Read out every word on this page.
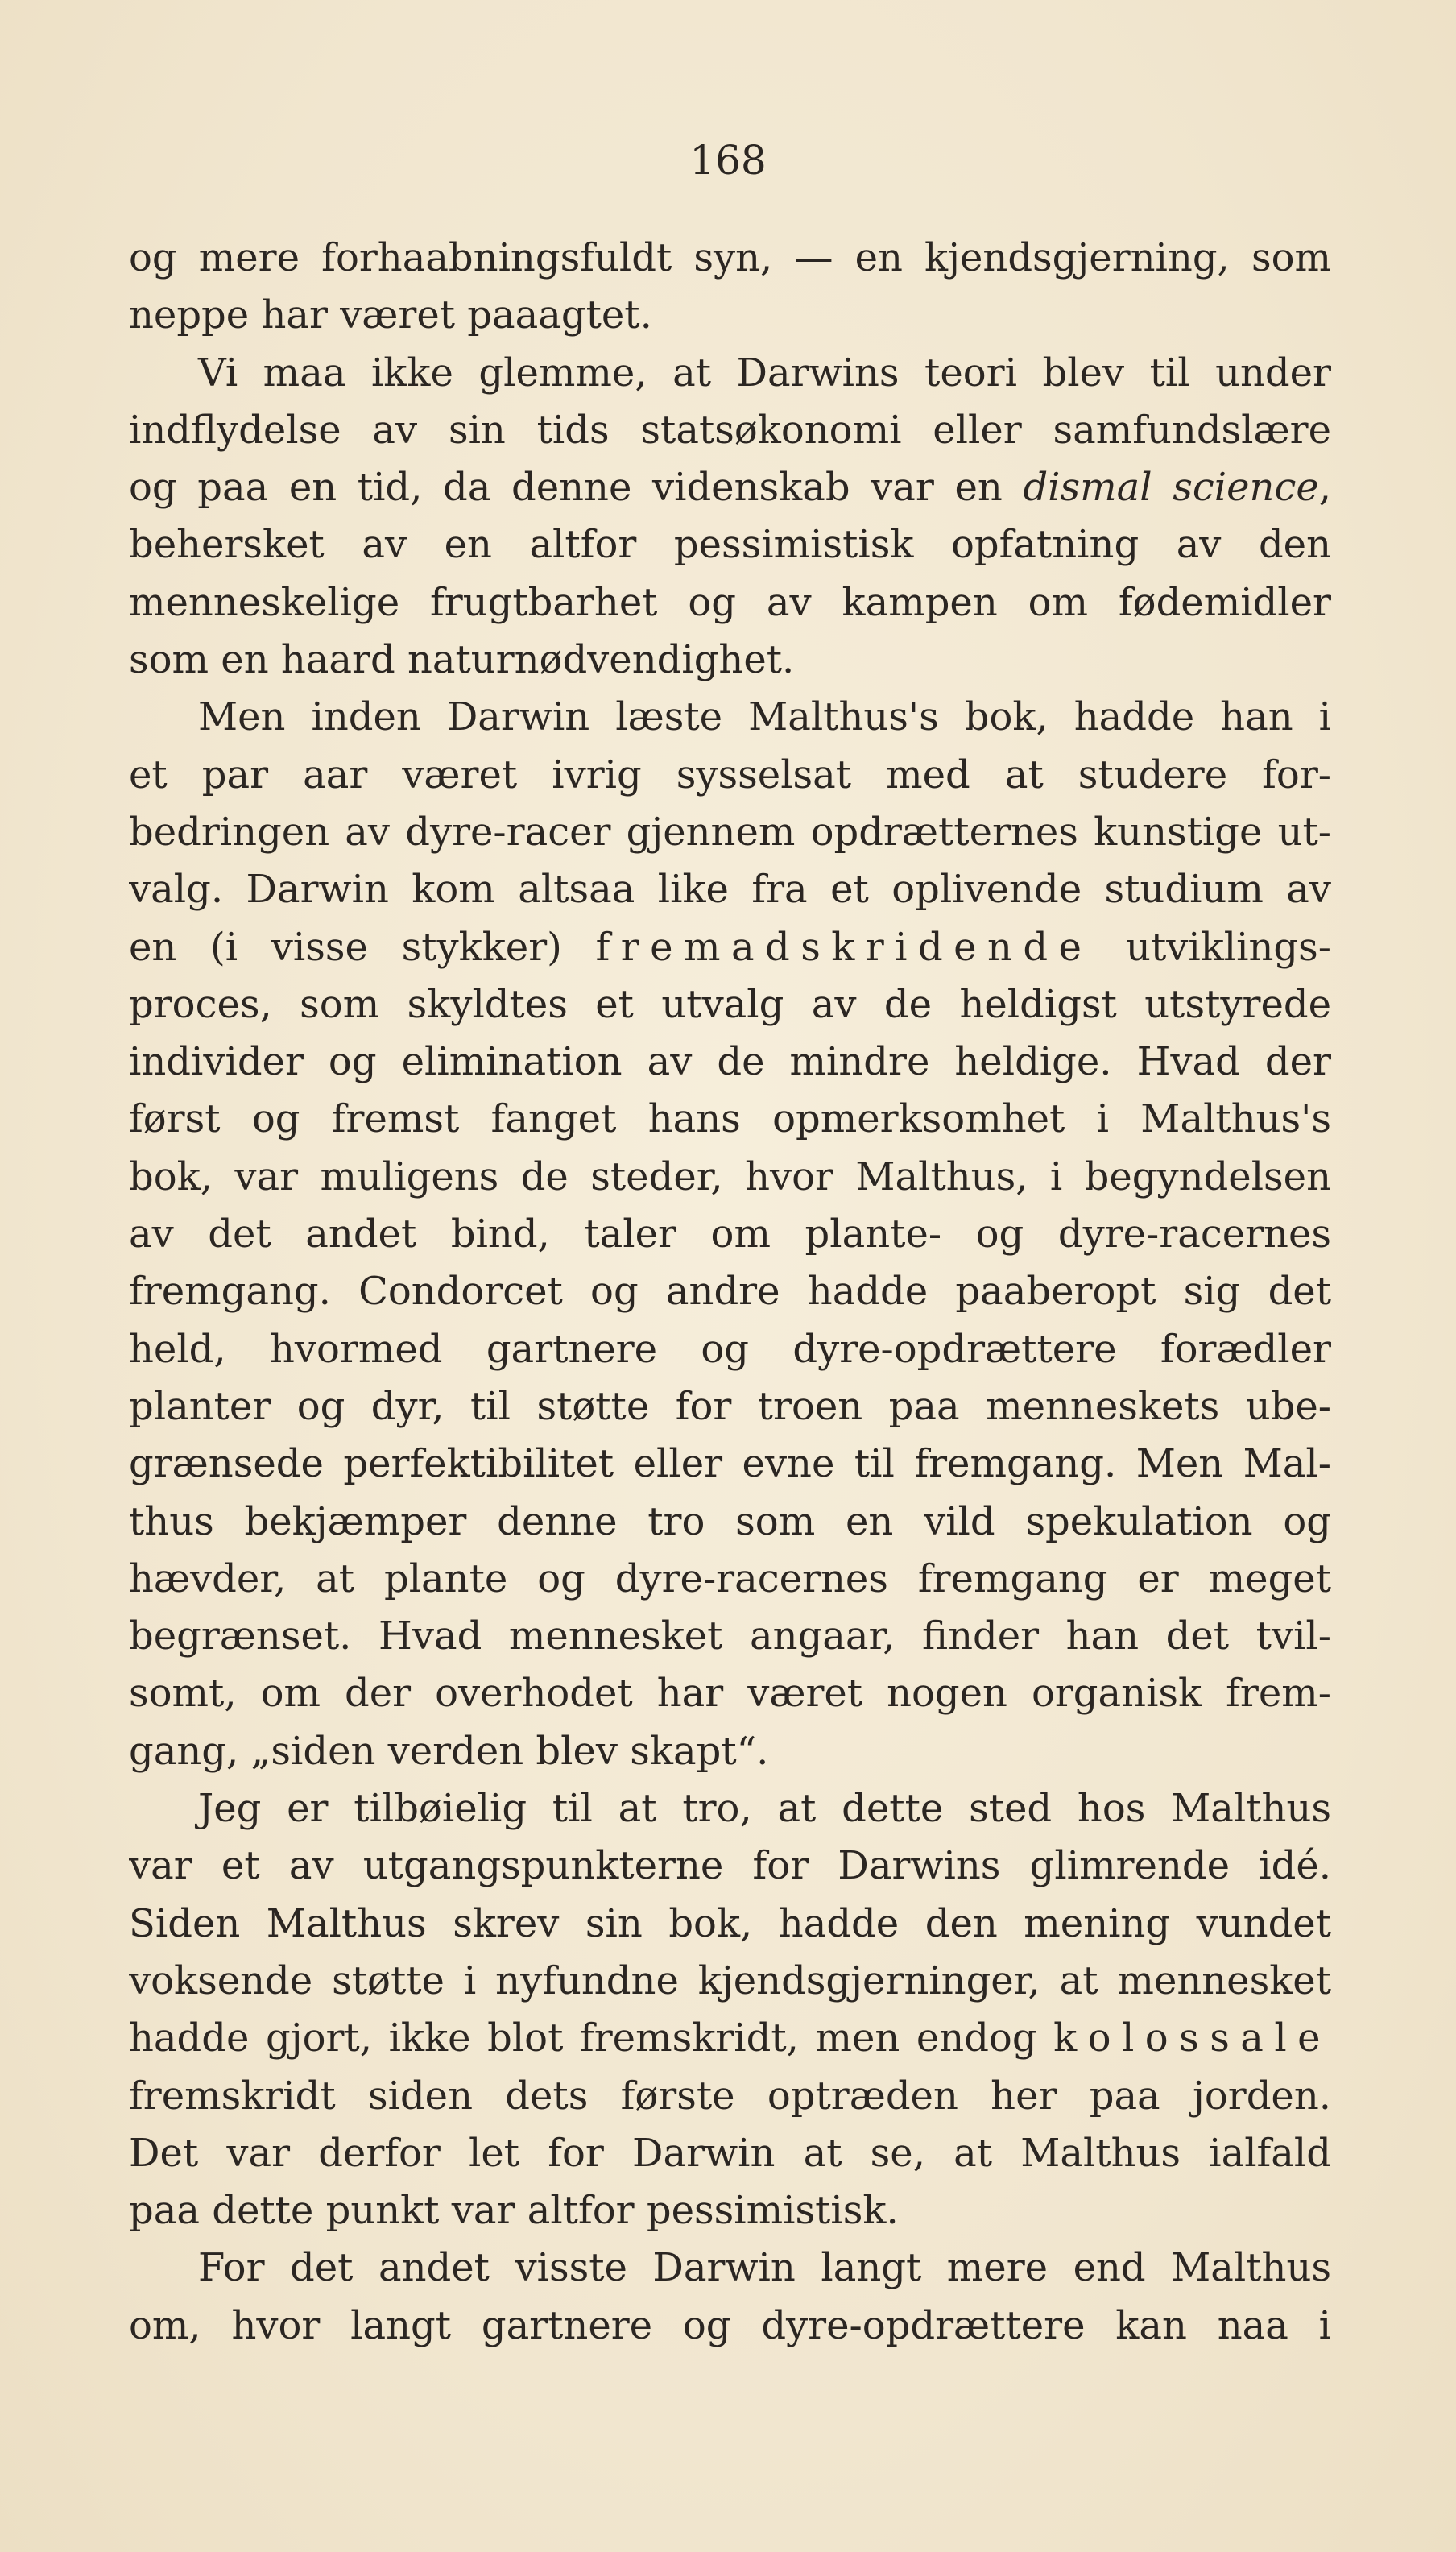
168
og mere forhaabningsfuldt syn, — en kjendsgjerning, som
neppe har været paaagtet.
Vi maa ikke glemme, at Darwins teori blev til under
indflydelse av sin tids statsøkonomi eller samfundslære
og paa en tid, da denne videnskab var en dismal science,
behersket av en altfor pessimistisk opfatning av den
menneskelige frugtbarhet og av kampen om fødemidler
som en haard naturnødvendighet.
Men inden Darwin læste Malthus's bok, hadde han i
et par aar været ivrig sysselsat med at studere for-
bedringen av dyre-racer gjennem opdrætternes kunstige ut-
valg. Darwin kom altsaa like fra et oplivende studium av
en (i visse stykker) fremadskridende utviklings-
proces, som skyldtes et utvalg av de heldigst utstyrede
individer og elimination av de mindre heldige. Hvad der
først og fremst fanget hans opmerksomhet i Malthus's
bok, var muligens de steder, hvor Malthus, i begyndelsen
av det andet bind, taler om plante- og dyre-racernes
fremgang. Condorcet og andre hadde paaberopt sig det
held, hvormed gartnere og dyre-opdrættere forædler
planter og dyr, til støtte for troen paa menneskets ube-
grænsede perfektibilitet eller evne til fremgang. Men Mal-
thus bekjæmper denne tro som en vild spekulation og
hævder, at plante og dyre-racernes fremgang er meget
begrænset. Hvad mennesket angaar, finder han det tvil-
somt, om der overhodet har været nogen organisk frem-
gang, „siden verden blev skapt“.
Jeg er tilbøielig til at tro, at dette sted hos Malthus
var et av utgangspunkterne for Darwins glimrende idé.
Siden Malthus skrev sin bok, hadde den mening vundet
voksende støtte i nyfundne kjendsgjerninger, at mennesket
hadde gjort, ikke blot fremskridt, men endog kolossale
fremskridt siden dets første optræden her paa jorden.
Det var derfor let for Darwin at se, at Malthus ialfald
paa dette punkt var altfor pessimistisk.
For det andet visste Darwin langt mere end Malthus
om, hvor langt gartnere og dyre-opdrættere kan naa i
